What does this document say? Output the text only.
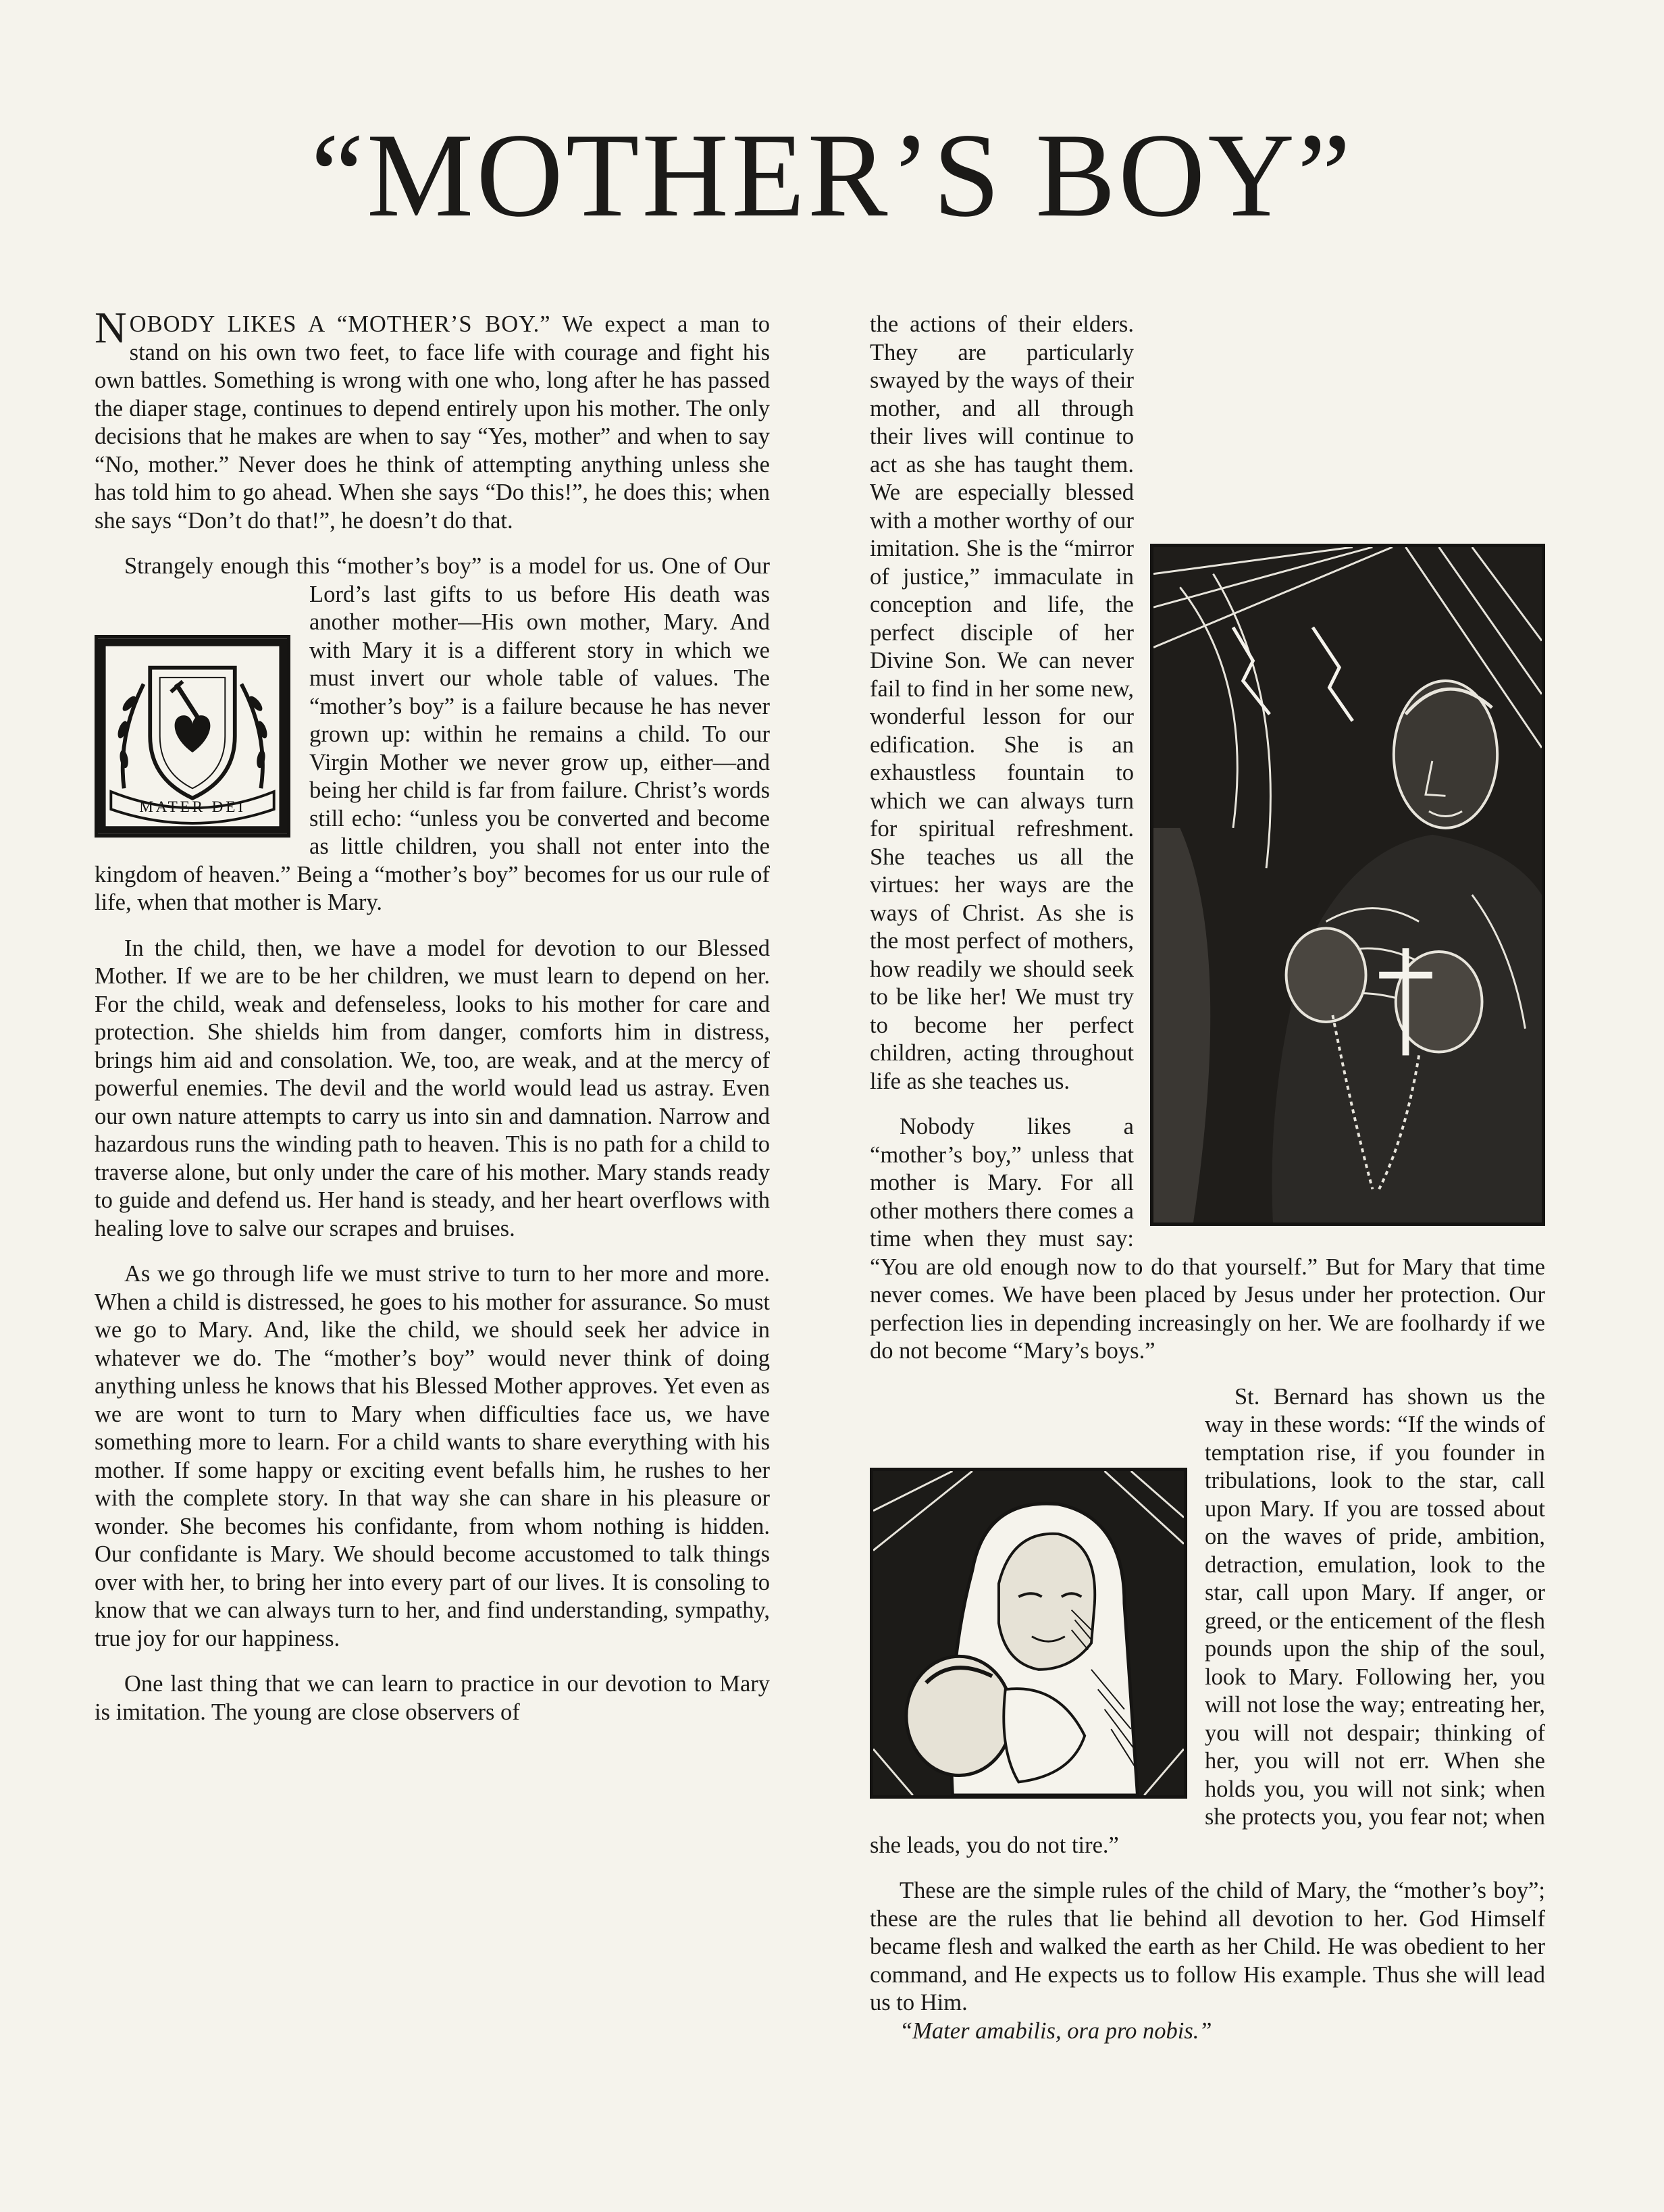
“MOTHER’S BOY”

NOBODY LIKES A “MOTHER’S BOY.” We expect a man to stand on his own two feet, to face life with courage and fight his own battles. Something is wrong with one who, long after he has passed the diaper stage, continues to depend entirely upon his mother. The only decisions that he makes are when to say “Yes, mother” and when to say “No, mother.” Never does he think of attempting anything unless she has told him to go ahead. When she says “Do this!”, he does this; when she says “Don’t do that!”, he doesn’t do that.

Strangely enough this “mother’s boy” is a model for us.
MATER DEI
One of Our Lord’s last gifts to us before His death was another mother—His own mother, Mary. And with Mary it is a different story in which we must invert our whole table of values. The “mother’s boy” is a failure because he has never grown up: within he remains a child. To our Virgin Mother we never grow up, either—and being her child is far from failure. Christ’s words still echo: “unless you be converted and become as little children, you shall not enter into the kingdom of heaven.” Being a “mother’s boy” becomes for us our rule of life, when that mother is Mary.

In the child, then, we have a model for devotion to our Blessed Mother. If we are to be her children, we must learn to depend on her. For the child, weak and defenseless, looks to his mother for care and protection. She shields him from danger, comforts him in distress, brings him aid and consolation. We, too, are weak, and at the mercy of powerful enemies. The devil and the world would lead us astray. Even our own nature attempts to carry us into sin and damnation. Narrow and hazardous runs the winding path to heaven. This is no path for a child to traverse alone, but only under the care of his mother. Mary stands ready to guide and defend us. Her hand is steady, and her heart overflows with healing love to salve our scrapes and bruises.

As we go through life we must strive to turn to her more and more. When a child is distressed, he goes to his mother for assurance. So must we go to Mary. And, like the child, we should seek her advice in whatever we do. The “mother’s boy” would never think of doing anything unless he knows that his Blessed Mother approves. Yet even as we are wont to turn to Mary when difficulties face us, we have something more to learn. For a child wants to share everything with his mother. If some happy or exciting event befalls him, he rushes to her with the complete story. In that way she can share in his pleasure or wonder. She becomes his confidante, from whom nothing is hidden. Our confidante is Mary. We should become accustomed to talk things over with her, to bring her into every part of our lives. It is consoling to know that we can always turn to her, and find understanding, sympathy, true joy for our happiness.

One last thing that we can learn to practice in our devotion to Mary is imitation. The young are close observers of

the actions of their elders. They are particularly swayed by the ways of their mother, and all through their lives will continue to act as she has taught them. We are especially blessed with a mother worthy of our imitation. She is the “mirror of justice,” immaculate in conception and life, the perfect disciple of her Divine Son. We can never fail to find in her some new, wonderful lesson for our edification. She is an exhaustless fountain to which we can always turn for spiritual refreshment. She teaches us all the virtues: her ways are the ways of Christ. As she is the most perfect of mothers, how readily we should seek to be like her! We must try to become her perfect children, acting throughout life as she teaches us.

Nobody likes a “mother’s boy,” unless that mother is Mary. For all other mothers there comes a time when they must say: “You are old enough now to do that yourself.” But for Mary that time never comes. We have been placed by Jesus under her protection. Our perfection lies in depending increasingly on her. We are foolhardy if we do not become “Mary’s boys.”

St. Bernard has shown us the way in these words: “If the winds of temptation rise, if you founder in tribulations, look to the star, call upon Mary. If you are tossed about on the waves of pride, ambition, detraction, emulation, look to the star, call upon Mary. If anger, or greed, or the enticement of the flesh pounds upon the ship of the soul, look to Mary. Following her, you will not lose the way; entreating her, you will not despair; thinking of her, you will not err. When she holds you, you will not sink; when she protects you, you fear not; when she leads, you do not tire.”

These are the simple rules of the child of Mary, the “mother’s boy”; these are the rules that lie behind all devotion to her. God Himself became flesh and walked the earth as her Child. He was obedient to her command, and He expects us to follow His example. Thus she will lead us to Him.
“Mater amabilis, ora pro nobis.”
